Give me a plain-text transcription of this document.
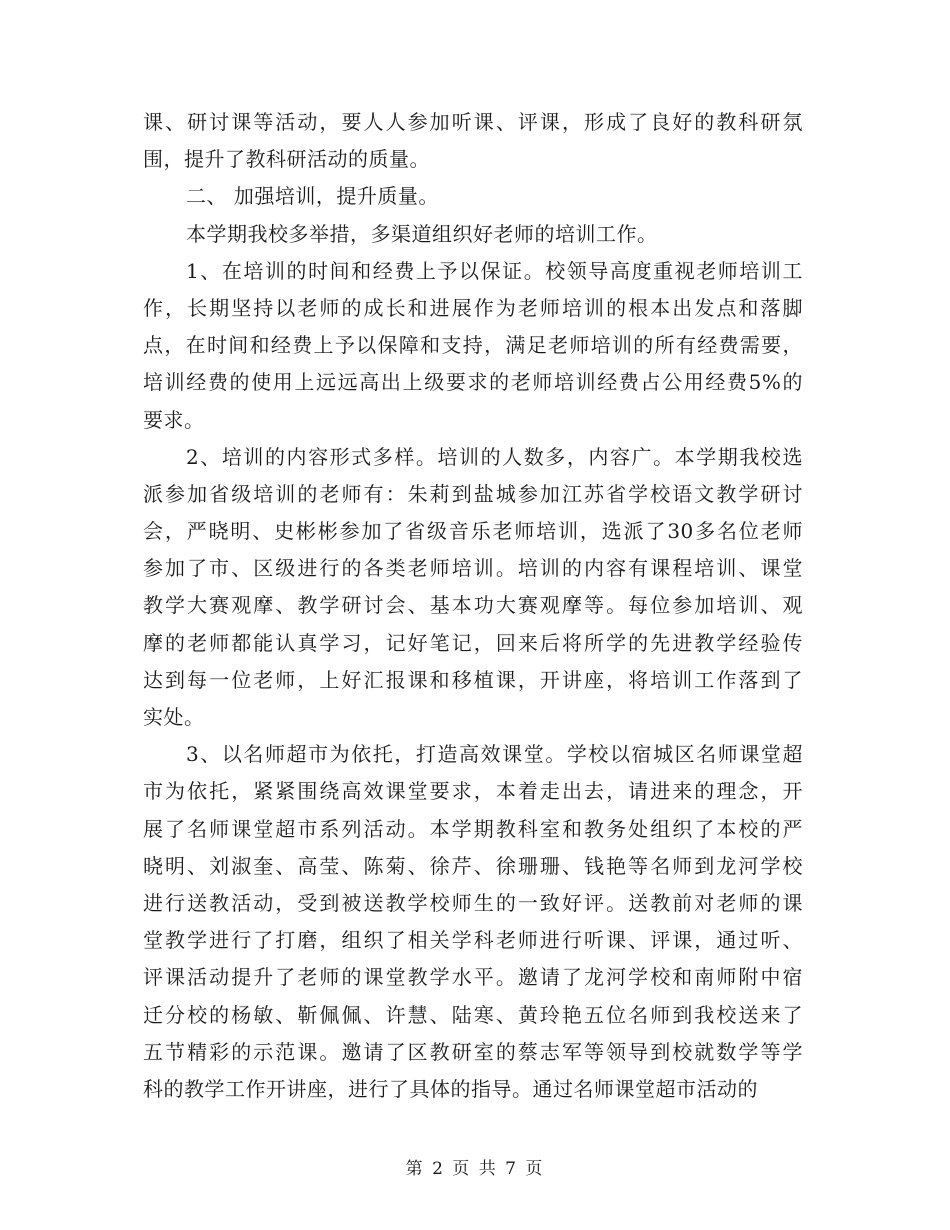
课、研讨课等活动，要人人参加听课、评课，形成了良好的教科研氛
围，提升了教科研活动的质量。
二、 加强培训，提升质量。
本学期我校多举措，多渠道组织好老师的培训工作。
1、在培训的时间和经费上予以保证。校领导高度重视老师培训工
作，长期坚持以老师的成长和进展作为老师培训的根本出发点和落脚
点，在时间和经费上予以保障和支持，满足老师培训的所有经费需要，
培训经费的使用上远远高出上级要求的老师培训经费占公用经费5%的
要求。
2、培训的内容形式多样。培训的人数多，内容广。本学期我校选
派参加省级培训的老师有：朱莉到盐城参加江苏省学校语文教学研讨
会，严晓明、史彬彬参加了省级音乐老师培训，选派了30多名位老师
参加了市、区级进行的各类老师培训。培训的内容有课程培训、课堂
教学大赛观摩、教学研讨会、基本功大赛观摩等。每位参加培训、观
摩的老师都能认真学习，记好笔记，回来后将所学的先进教学经验传
达到每一位老师，上好汇报课和移植课，开讲座，将培训工作落到了
实处。
3、以名师超市为依托，打造高效课堂。学校以宿城区名师课堂超
市为依托，紧紧围绕高效课堂要求，本着走出去，请进来的理念，开
展了名师课堂超市系列活动。本学期教科室和教务处组织了本校的严
晓明、刘淑奎、高莹、陈菊、徐芹、徐珊珊、钱艳等名师到龙河学校
进行送教活动，受到被送教学校师生的一致好评。送教前对老师的课
堂教学进行了打磨，组织了相关学科老师进行听课、评课，通过听、
评课活动提升了老师的课堂教学水平。邀请了龙河学校和南师附中宿
迁分校的杨敏、靳佩佩、许慧、陆寒、黄玲艳五位名师到我校送来了
五节精彩的示范课。邀请了区教研室的蔡志军等领导到校就数学等学
科的教学工作开讲座，进行了具体的指导。通过名师课堂超市活动的
第 2 页 共 7 页
